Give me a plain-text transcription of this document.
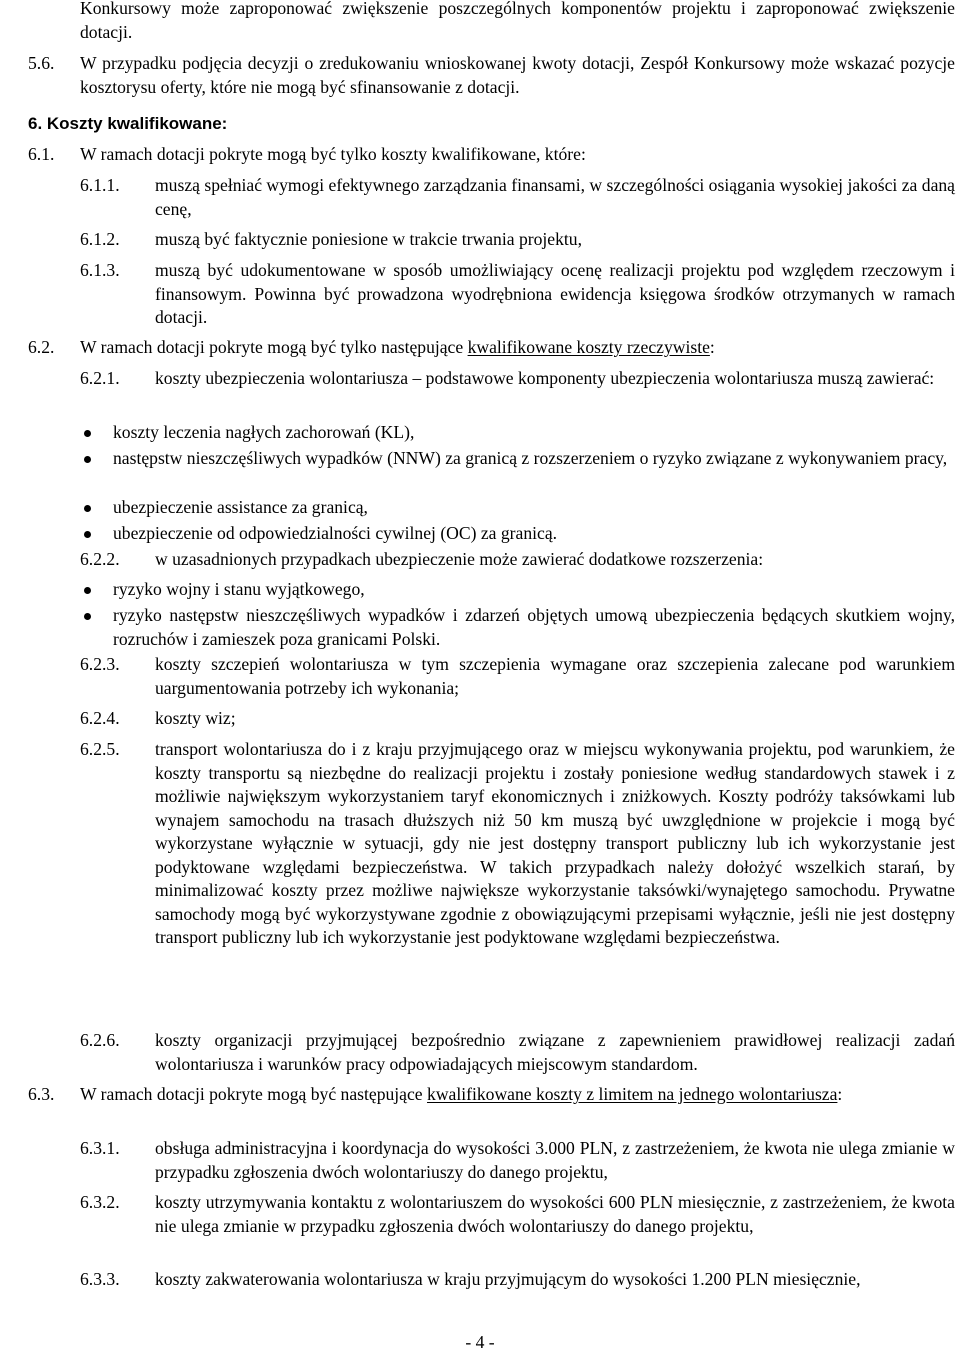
Konkursowy może zaproponować zwiększenie poszczególnych komponentów projektu i zaproponować zwiększenie dotacji.
5.6. W przypadku podjęcia decyzji o zredukowaniu wnioskowanej kwoty dotacji, Zespół Konkursowy może wskazać pozycje kosztorysu oferty, które nie mogą być sfinansowanie z dotacji.
6. Koszty kwalifikowane:
6.1. W ramach dotacji pokryte mogą być tylko koszty kwalifikowane, które:
6.1.1. muszą spełniać wymogi efektywnego zarządzania finansami, w szczególności osiągania wysokiej jakości za daną cenę,
6.1.2. muszą być faktycznie poniesione w trakcie trwania projektu,
6.1.3. muszą być udokumentowane w sposób umożliwiający ocenę realizacji projektu pod względem rzeczowym i finansowym. Powinna być prowadzona wyodrębniona ewidencja księgowa środków otrzymanych w ramach dotacji.
6.2. W ramach dotacji pokryte mogą być tylko następujące kwalifikowane koszty rzeczywiste:
6.2.1. koszty ubezpieczenia wolontariusza – podstawowe komponenty ubezpieczenia wolontariusza muszą zawierać:
koszty leczenia nagłych zachorowań (KL),
następstw nieszczęśliwych wypadków (NNW) za granicą z rozszerzeniem o ryzyko związane z wykonywaniem pracy,
ubezpieczenie assistance za granicą,
ubezpieczenie od odpowiedzialności cywilnej (OC) za granicą.
6.2.2. w uzasadnionych przypadkach ubezpieczenie może zawierać dodatkowe rozszerzenia:
ryzyko wojny i stanu wyjątkowego,
ryzyko następstw nieszczęśliwych wypadków i zdarzeń objętych umową ubezpieczenia będących skutkiem wojny, rozruchów i zamieszek poza granicami Polski.
6.2.3. koszty szczepień wolontariusza w tym szczepienia wymagane oraz szczepienia zalecane pod warunkiem uargumentowania potrzeby ich wykonania;
6.2.4. koszty wiz;
6.2.5. transport wolontariusza do i z kraju przyjmującego oraz w miejscu wykonywania projektu, pod warunkiem, że koszty transportu są niezbędne do realizacji projektu i zostały poniesione według standardowych stawek i z możliwie największym wykorzystaniem taryf ekonomicznych i zniżkowych. Koszty podróży taksówkami lub wynajem samochodu na trasach dłuższych niż 50 km muszą być uwzględnione w projekcie i mogą być wykorzystane wyłącznie w sytuacji, gdy nie jest dostępny transport publiczny lub ich wykorzystanie jest podyktowane względami bezpieczeństwa. W takich przypadkach należy dołożyć wszelkich starań, by minimalizować koszty przez możliwe największe wykorzystanie taksówki/wynajętego samochodu. Prywatne samochody mogą być wykorzystywane zgodnie z obowiązującymi przepisami wyłącznie, jeśli nie jest dostępny transport publiczny lub ich wykorzystanie jest podyktowane względami bezpieczeństwa.
6.2.6. koszty organizacji przyjmującej bezpośrednio związane z zapewnieniem prawidłowej realizacji zadań wolontariusza i warunków pracy odpowiadających miejscowym standardom.
6.3. W ramach dotacji pokryte mogą być następujące kwalifikowane koszty z limitem na jednego wolontariusza:
6.3.1. obsługa administracyjna i koordynacja do wysokości 3.000 PLN, z zastrzeżeniem, że kwota nie ulega zmianie w przypadku zgłoszenia dwóch wolontariuszy do danego projektu,
6.3.2. koszty utrzymywania kontaktu z wolontariuszem do wysokości 600 PLN miesięcznie, z zastrzeżeniem, że kwota nie ulega zmianie w przypadku zgłoszenia dwóch wolontariuszy do danego projektu,
6.3.3. koszty zakwaterowania wolontariusza w kraju przyjmującym do wysokości 1.200 PLN miesięcznie,
- 4 -
